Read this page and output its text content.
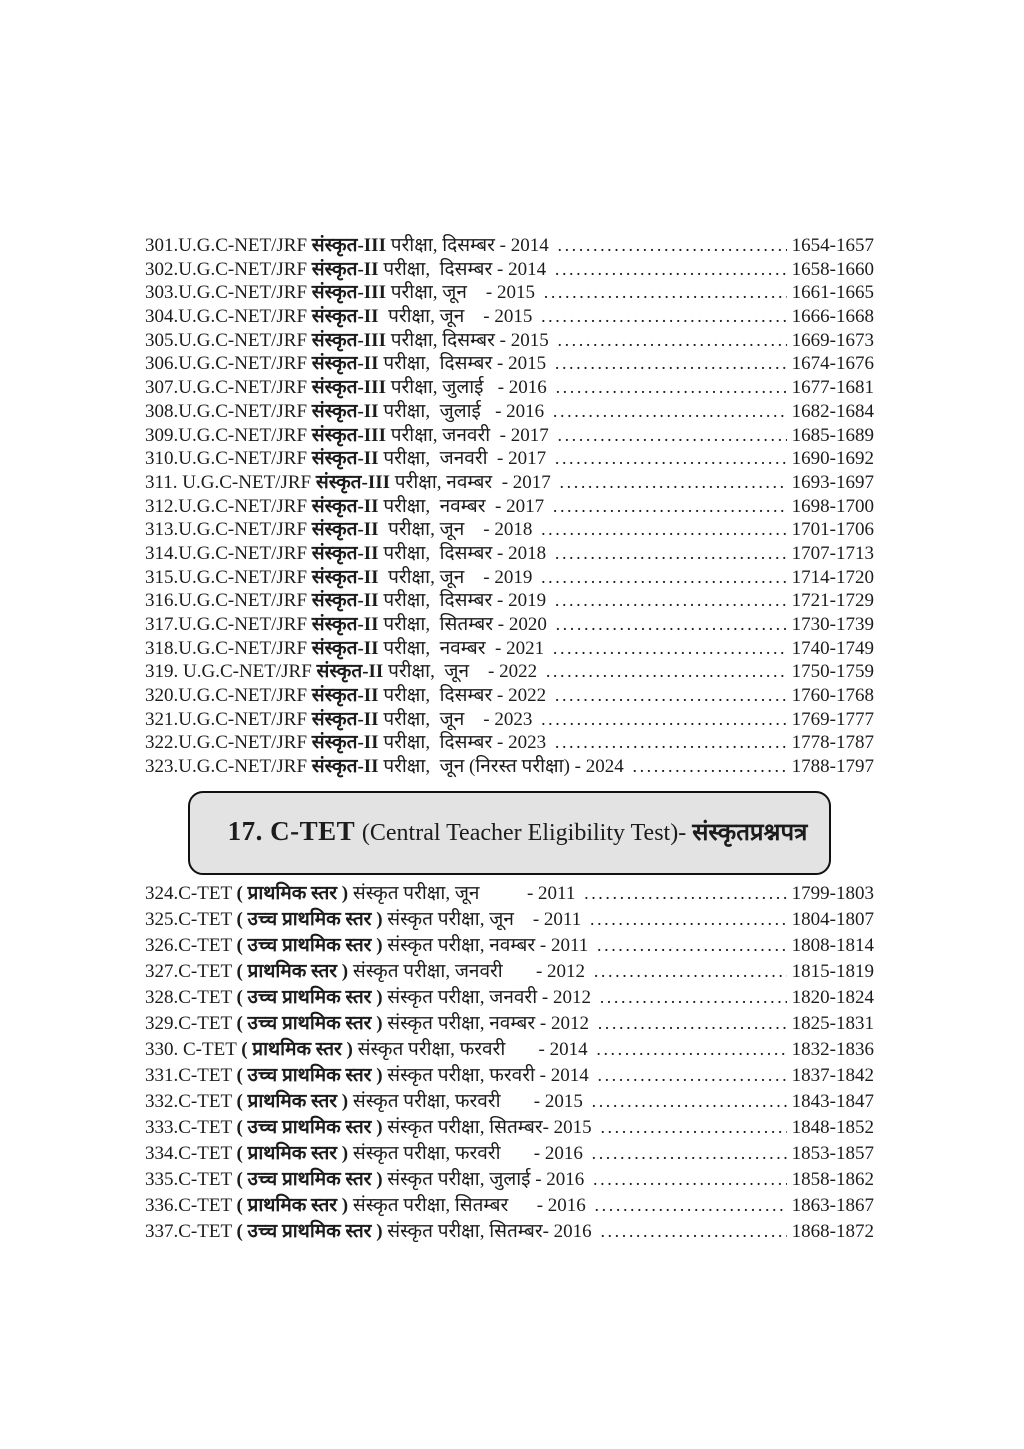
301.U.G.C-NET/JRF संस्कृत-III परीक्षा, दिसम्बर - 2014 .....	1654-1657
302.U.G.C-NET/JRF संस्कृत-II परीक्षा,  दिसम्बर - 2014 .....	1658-1660
303.U.G.C-NET/JRF संस्कृत-III परीक्षा, जून    - 2015 .....	1661-1665
304.U.G.C-NET/JRF संस्कृत-II परीक्षा, जून    - 2015 .....	1666-1668
305.U.G.C-NET/JRF संस्कृत-III परीक्षा, दिसम्बर - 2015 .....	1669-1673
306.U.G.C-NET/JRF संस्कृत-II परीक्षा,  दिसम्बर - 2015 .....	1674-1676
307.U.G.C-NET/JRF संस्कृत-III परीक्षा, जुलाई   - 2016 .....	1677-1681
308.U.G.C-NET/JRF संस्कृत-II परीक्षा,  जुलाई   - 2016 .....	1682-1684
309.U.G.C-NET/JRF संस्कृत-III परीक्षा, जनवरी  - 2017 .....	1685-1689
310.U.G.C-NET/JRF संस्कृत-II परीक्षा,  जनवरी  - 2017 .....	1690-1692
311. U.G.C-NET/JRF संस्कृत-III परीक्षा, नवम्बर  - 2017 .....	1693-1697
312.U.G.C-NET/JRF संस्कृत-II परीक्षा,  नवम्बर  - 2017 .....	1698-1700
313.U.G.C-NET/JRF संस्कृत-II परीक्षा, जून    - 2018 .....	1701-1706
314.U.G.C-NET/JRF संस्कृत-II परीक्षा,  दिसम्बर - 2018 .....	1707-1713
315.U.G.C-NET/JRF संस्कृत-II परीक्षा, जून    - 2019 .....	1714-1720
316.U.G.C-NET/JRF संस्कृत-II परीक्षा,  दिसम्बर - 2019 .....	1721-1729
317.U.G.C-NET/JRF संस्कृत-II परीक्षा,  सितम्बर - 2020 .....	1730-1739
318.U.G.C-NET/JRF संस्कृत-II परीक्षा,  नवम्बर  - 2021 .....	1740-1749
319. U.G.C-NET/JRF संस्कृत-II परीक्षा,  जून    - 2022 .....	1750-1759
320.U.G.C-NET/JRF संस्कृत-II परीक्षा,  दिसम्बर - 2022 .....	1760-1768
321.U.G.C-NET/JRF संस्कृत-II परीक्षा,  जून    - 2023 .....	1769-1777
322.U.G.C-NET/JRF संस्कृत-II परीक्षा,  दिसम्बर - 2023 .....	1778-1787
323.U.G.C-NET/JRF संस्कृत-II परीक्षा,  जून (निरस्त परीक्षा) - 2024 .....	1788-1797

17. C-TET (Central Teacher Eligibility Test)- संस्कृतप्रश्नपत्र

324.C-TET ( प्राथमिक स्तर ) संस्कृत परीक्षा, जून          - 2011 .....	1799-1803
325.C-TET ( उच्च प्राथमिक स्तर ) संस्कृत परीक्षा, जून    - 2011 .....	1804-1807
326.C-TET ( उच्च प्राथमिक स्तर ) संस्कृत परीक्षा, नवम्बर - 2011 .....	1808-1814
327.C-TET ( प्राथमिक स्तर ) संस्कृत परीक्षा, जनवरी       - 2012 .....	1815-1819
328.C-TET ( उच्च प्राथमिक स्तर ) संस्कृत परीक्षा, जनवरी - 2012 .....	1820-1824
329.C-TET ( उच्च प्राथमिक स्तर ) संस्कृत परीक्षा, नवम्बर - 2012 .....	1825-1831
330. C-TET ( प्राथमिक स्तर ) संस्कृत परीक्षा, फरवरी       - 2014 .....	1832-1836
331.C-TET ( उच्च प्राथमिक स्तर ) संस्कृत परीक्षा, फरवरी - 2014 .....	1837-1842
332.C-TET ( प्राथमिक स्तर ) संस्कृत परीक्षा, फरवरी       - 2015 .....	1843-1847
333.C-TET ( उच्च प्राथमिक स्तर ) संस्कृत परीक्षा, सितम्बर- 2015 .....	1848-1852
334.C-TET ( प्राथमिक स्तर ) संस्कृत परीक्षा, फरवरी       - 2016 .....	1853-1857
335.C-TET ( उच्च प्राथमिक स्तर ) संस्कृत परीक्षा, जुलाई - 2016 .....	1858-1862
336.C-TET ( प्राथमिक स्तर ) संस्कृत परीक्षा, सितम्बर      - 2016 .....	1863-1867
337.C-TET ( उच्च प्राथमिक स्तर ) संस्कृत परीक्षा, सितम्बर- 2016 .....	1868-1872
